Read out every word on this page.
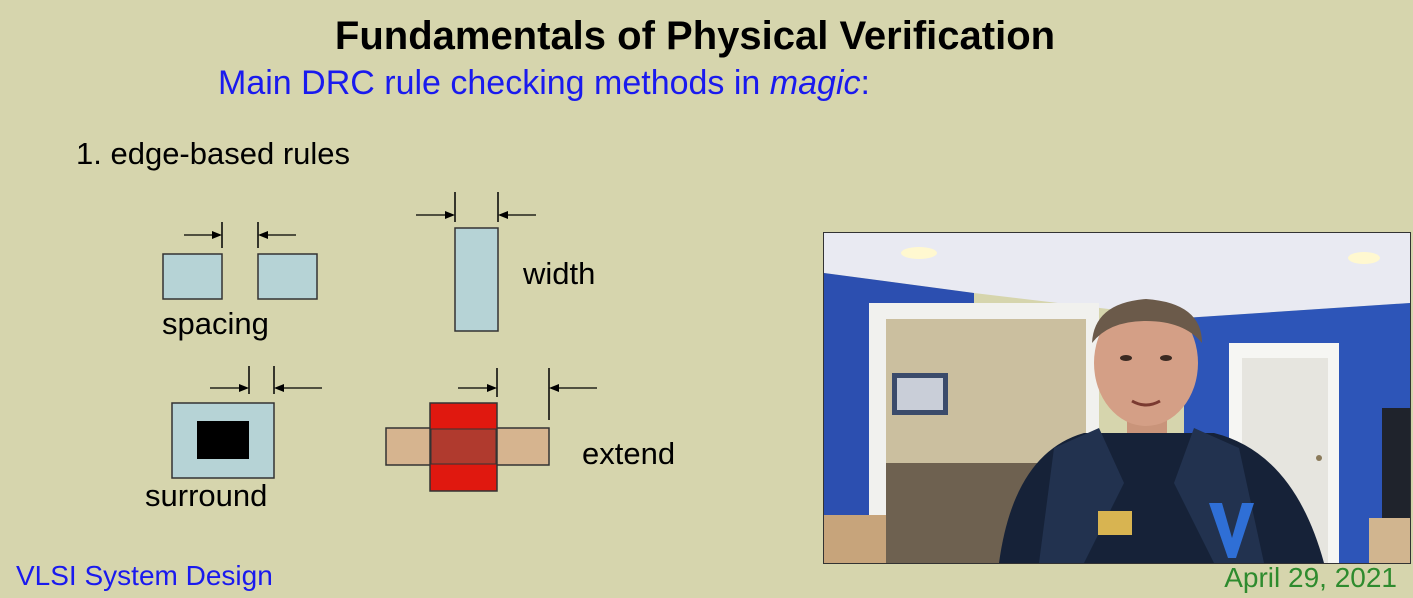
Fundamentals of Physical Verification
Main DRC rule checking methods in magic:
1. edge-based rules
spacing
width
surround
extend
VLSI System Design	April 29, 2021
